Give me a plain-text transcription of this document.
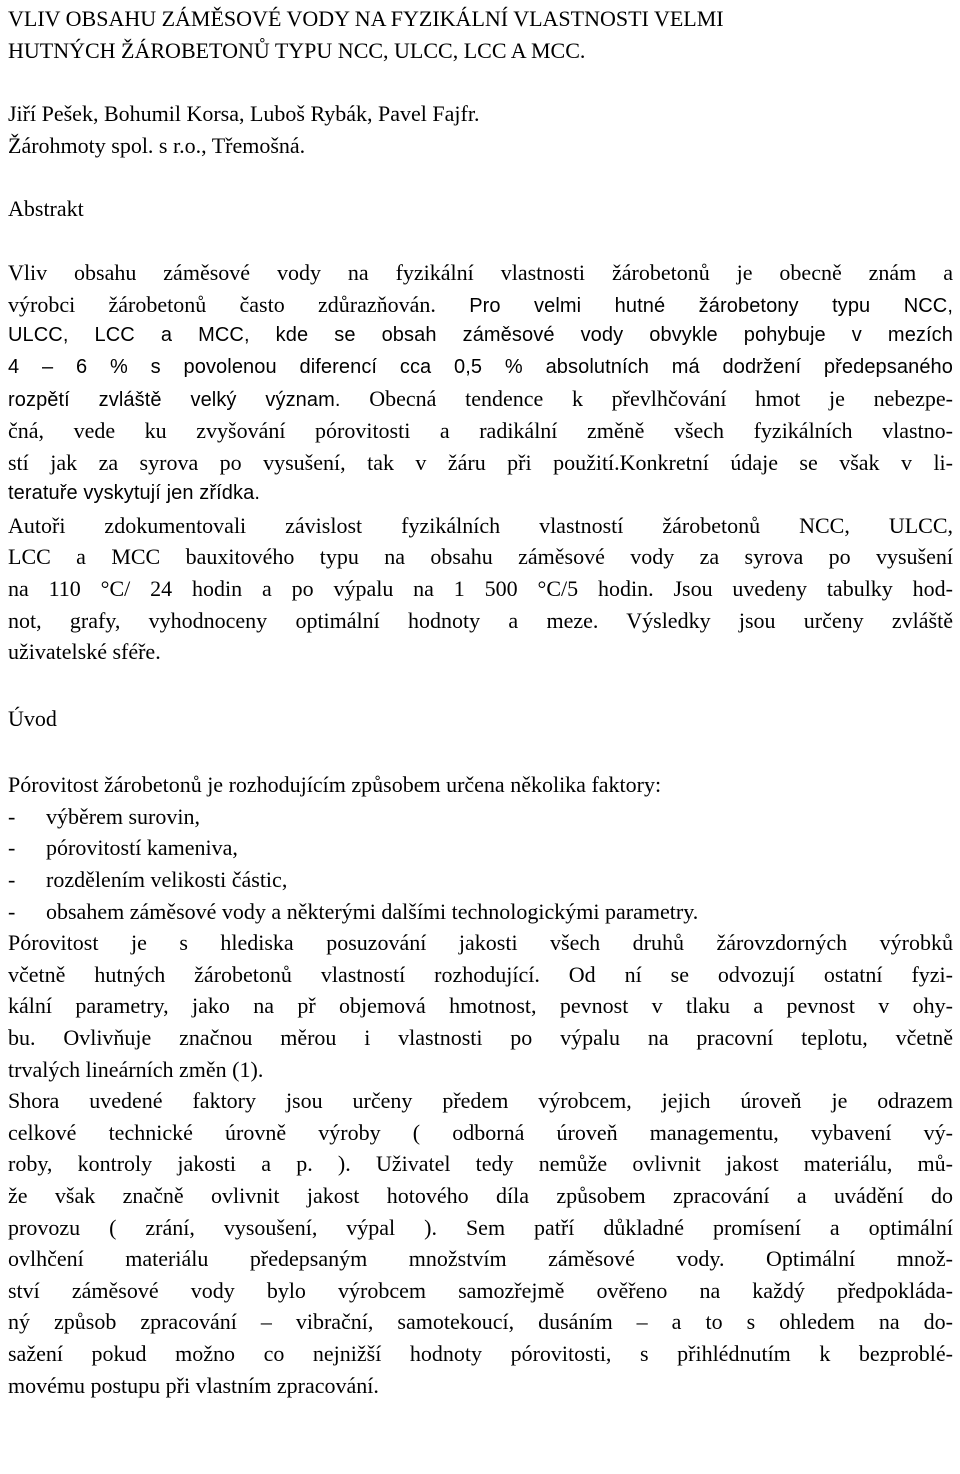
VLIV OBSAHU ZÁMĚSOVÉ VODY NA FYZIKÁLNÍ VLASTNOSTI VELMI
HUTNÝCH ŽÁROBETONŮ TYPU NCC, ULCC, LCC A MCC.
Jiří Pešek, Bohumil Korsa, Luboš Rybák, Pavel Fajfr.
Žárohmoty spol. s r.o., Třemošná.
Abstrakt
Vliv obsahu záměsové vody na fyzikální vlastnosti žárobetonů je obecně znám a
výrobci žárobetonů často zdůrazňován. Pro velmi hutné žárobetony typu NCC,
ULCC, LCC a MCC, kde se obsah záměsové vody obvykle pohybuje v mezích
4 – 6 % s povolenou diferencí cca 0,5 % absolutních má dodržení předepsaného
rozpětí zvláště velký význam. Obecná tendence k převlhčování hmot je nebezpe-
čná, vede ku zvyšování pórovitosti a radikální změně všech fyzikálních vlastno-
stí jak za syrova po vysušení, tak v žáru při použití.Konkretní údaje se však v li-
teratuře vyskytují jen zřídka.
Autoři zdokumentovali závislost fyzikálních vlastností žárobetonů NCC, ULCC,
LCC a MCC bauxitového typu na obsahu záměsové vody za syrova po vysušení
na 110 °C/ 24 hodin a po výpalu na 1 500 °C/5 hodin. Jsou uvedeny tabulky hod-
not, grafy, vyhodnoceny optimální hodnoty a meze. Výsledky jsou určeny zvláště
uživatelské sféře.
Úvod
Pórovitost žárobetonů je rozhodujícím způsobem určena několika faktory:
- výběrem surovin,
- pórovitostí kameniva,
- rozdělením velikosti částic,
- obsahem záměsové vody a některými dalšími technologickými parametry.
Pórovitost je s hlediska posuzování jakosti všech druhů žárovzdorných výrobků
včetně hutných žárobetonů vlastností rozhodující. Od ní se odvozují ostatní fyzi-
kální parametry, jako na př objemová hmotnost, pevnost v tlaku a pevnost v ohy-
bu. Ovlivňuje značnou měrou i vlastnosti po výpalu na pracovní teplotu, včetně
trvalých lineárních změn (1).
Shora uvedené faktory jsou určeny předem výrobcem, jejich úroveň je odrazem
celkové technické úrovně výroby ( odborná úroveň managementu, vybavení vý-
roby, kontroly jakosti a p. ). Uživatel tedy nemůže ovlivnit jakost materiálu, mů-
že však značně ovlivnit jakost hotového díla způsobem zpracování a uvádění do
provozu ( zrání, vysoušení, výpal ). Sem patří důkladné promísení a optimální
ovlhčení materiálu předepsaným množstvím záměsové vody. Optimální množ-
ství záměsové vody bylo výrobcem samozřejmě ověřeno na každý předpokláda-
ný způsob zpracování – vibrační, samotekoucí, dusáním – a to s ohledem na do-
sažení pokud možno co nejnižší hodnoty pórovitosti, s přihlédnutím k bezproblé-
movému postupu při vlastním zpracování.
